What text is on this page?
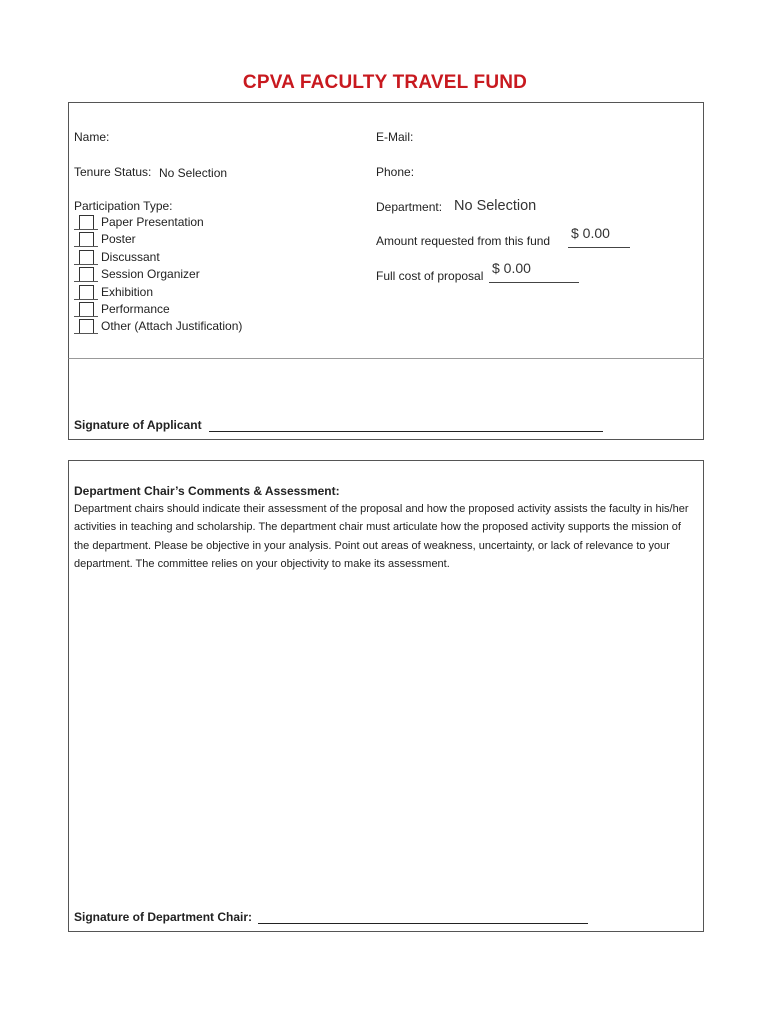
CPVA FACULTY TRAVEL FUND
Name:
Tenure Status: No Selection
Participation Type:
Paper Presentation
Poster
Discussant
Session Organizer
Exhibition
Performance
Other (Attach Justification)
E-Mail:
Phone:
Department: No Selection
Amount requested from this fund $ 0.00
Full cost of proposal $ 0.00
Signature of Applicant
Department Chair’s Comments & Assessment:
Department chairs should indicate their assessment of the proposal and how the proposed activity assists the faculty in his/her activities in teaching and scholarship. The department chair must articulate how the proposed activity supports the mission of the department. Please be objective in your analysis. Point out areas of weakness, uncertainty, or lack of relevance to your department. The committee relies on your objectivity to make its assessment.
Signature of Department Chair:
